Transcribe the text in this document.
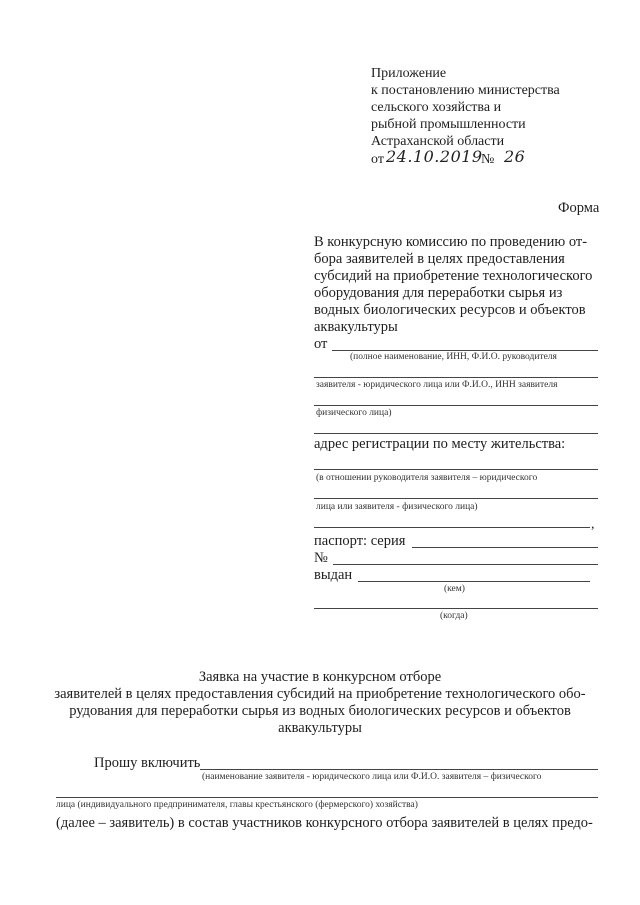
Приложение
к постановлению министерства
сельского хозяйства и
рыбной промышленности
Астраханской области
от 24.10.2019
№ 26
Форма
В конкурсную комиссию по проведению от-
бора заявителей в целях предоставления
субсидий на приобретение технологического
оборудования для переработки сырья из
водных биологических ресурсов и объектов
аквакультуры
от
(полное наименование, ИНН, Ф.И.О. руководителя
заявителя - юридического лица или Ф.И.О., ИНН заявителя
физического лица)
адрес регистрации по месту жительства:
(в отношении руководителя заявителя – юридического
лица или заявителя - физического лица)
,
паспорт: серия
№
выдан
(кем)
(когда)
Заявка на участие в конкурсном отборе
заявителей в целях предоставления субсидий на приобретение технологического обо-
рудования для переработки сырья из водных биологических ресурсов и объектов
аквакультуры
Прошу включить
(наименование заявителя - юридического лица или Ф.И.О. заявителя – физического
лица (индивидуального предпринимателя, главы крестьянского (фермерского) хозяйства)
(далее – заявитель) в состав участников конкурсного отбора заявителей в целях предо-
